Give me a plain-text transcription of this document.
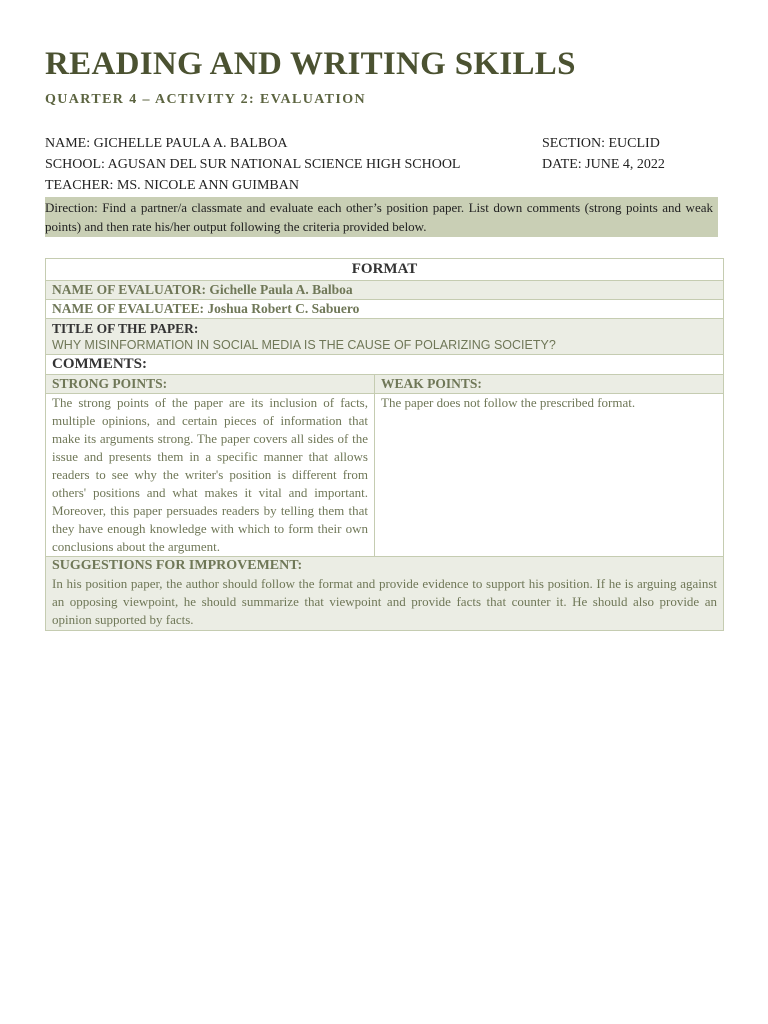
READING AND WRITING SKILLS
QUARTER 4 – ACTIVITY 2: EVALUATION
NAME: GICHELLE PAULA A. BALBOA	SECTION: EUCLID
SCHOOL: AGUSAN DEL SUR NATIONAL SCIENCE HIGH SCHOOL	DATE: JUNE 4, 2022
TEACHER: MS. NICOLE ANN GUIMBAN
Direction: Find a partner/a classmate and evaluate each other’s position paper. List down comments (strong points and weak points) and then rate his/her output following the criteria provided below.
FORMAT	
NAME OF EVALUATOR: Gichelle Paula A. Balboa	
NAME OF EVALUATEE: Joshua Robert C. Sabuero	

TITLE OF THE PAPER:
WHY MISINFORMATION IN SOCIAL MEDIA IS THE CAUSE OF POLARIZING SOCIETY?	

COMMENTS:	
STRONG POINTS:	WEAK POINTS:
The strong points of the paper are its inclusion of facts, multiple opinions, and certain pieces of information that make its arguments strong. The paper covers all sides of the issue and presents them in a specific manner that allows readers to see why the writer's position is different from others' positions and what makes it vital and important. Moreover, this paper persuades readers by telling them that they have enough knowledge with which to form their own conclusions about the argument.	The paper does not follow the prescribed format.

SUGGESTIONS FOR IMPROVEMENT:
In his position paper, the author should follow the format and provide evidence to support his position. If he is arguing against an opposing viewpoint, he should summarize that viewpoint and provide facts that counter it. He should also provide an opinion supported by facts.	
